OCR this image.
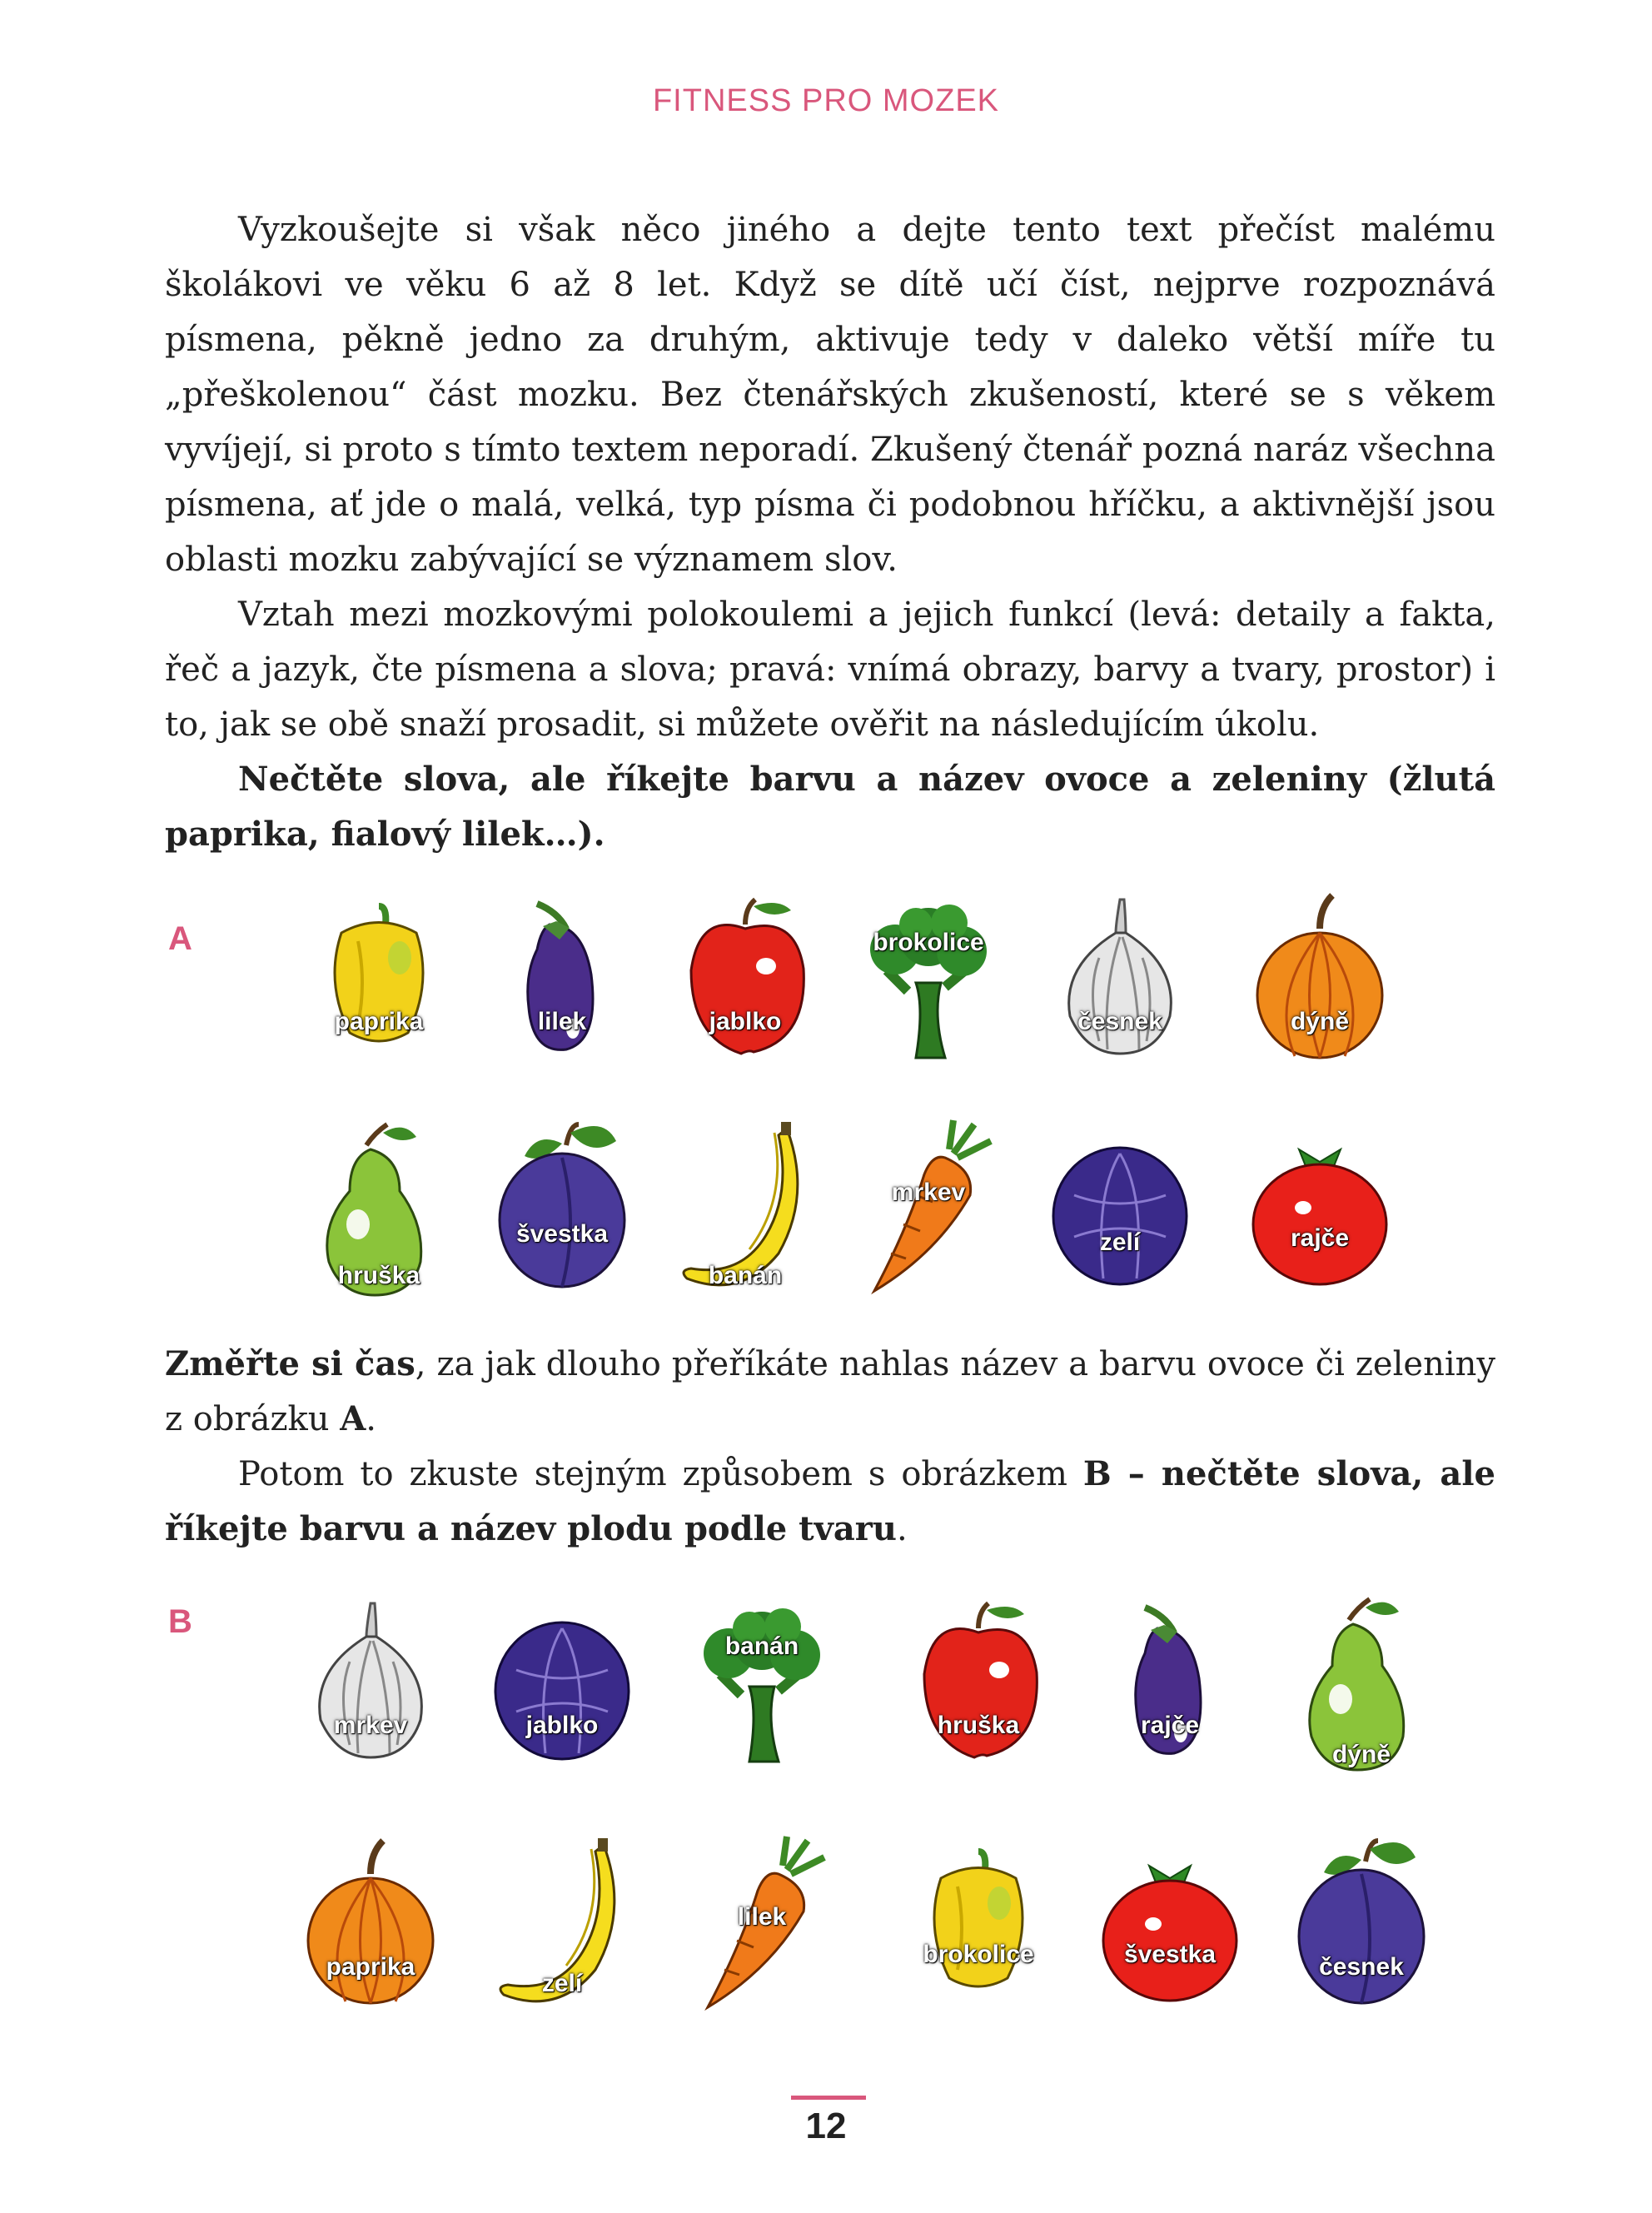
FITNESS PRO MOZEK

Vyzkoušejte si však něco jiného a dejte tento text přečíst malému školákovi ve věku 6 až 8 let. Když se dítě učí číst, nejprve rozpoznává písmena, pěkně jedno za druhým, aktivuje tedy v daleko větší míře tu „přeškolenou“ část mozku. Bez čtenářských zkušeností, které se s věkem vyvíjejí, si proto s tímto textem neporadí. Zkušený čtenář pozná naráz všechna písmena, ať jde o malá, velká, typ písma či podobnou hříčku, a aktivnější jsou oblasti mozku zabývající se významem slov.

Vztah mezi mozkovými polokoulemi a jejich funkcí (levá: detaily a fakta, řeč a jazyk, čte písmena a slova; pravá: vnímá obrazy, barvy a tvary, prostor) i to, jak se obě snaží prosadit, si můžete ověřit na následujícím úkolu.

Nečtěte slova, ale říkejte barvu a název ovoce a zeleniny (žlutá paprika, fialový lilek…).

A

Změřte si čas, za jak dlouho přeříkáte nahlas název a barvu ovoce či zeleniny z obrázku A.

Potom to zkuste stejným způsobem s obrázkem B – nečtěte slova, ale říkejte barvu a název plodu podle tvaru.

B
paprika	lilek	jablko
brokolice
česnek	dýně
hruška
švestka
banán
mrkev
zelí	rajče
mrkev	jablko
banán
hruška	rajče
dýně
paprika
zelí
lilek
brokolice	švestka	česnek
12
